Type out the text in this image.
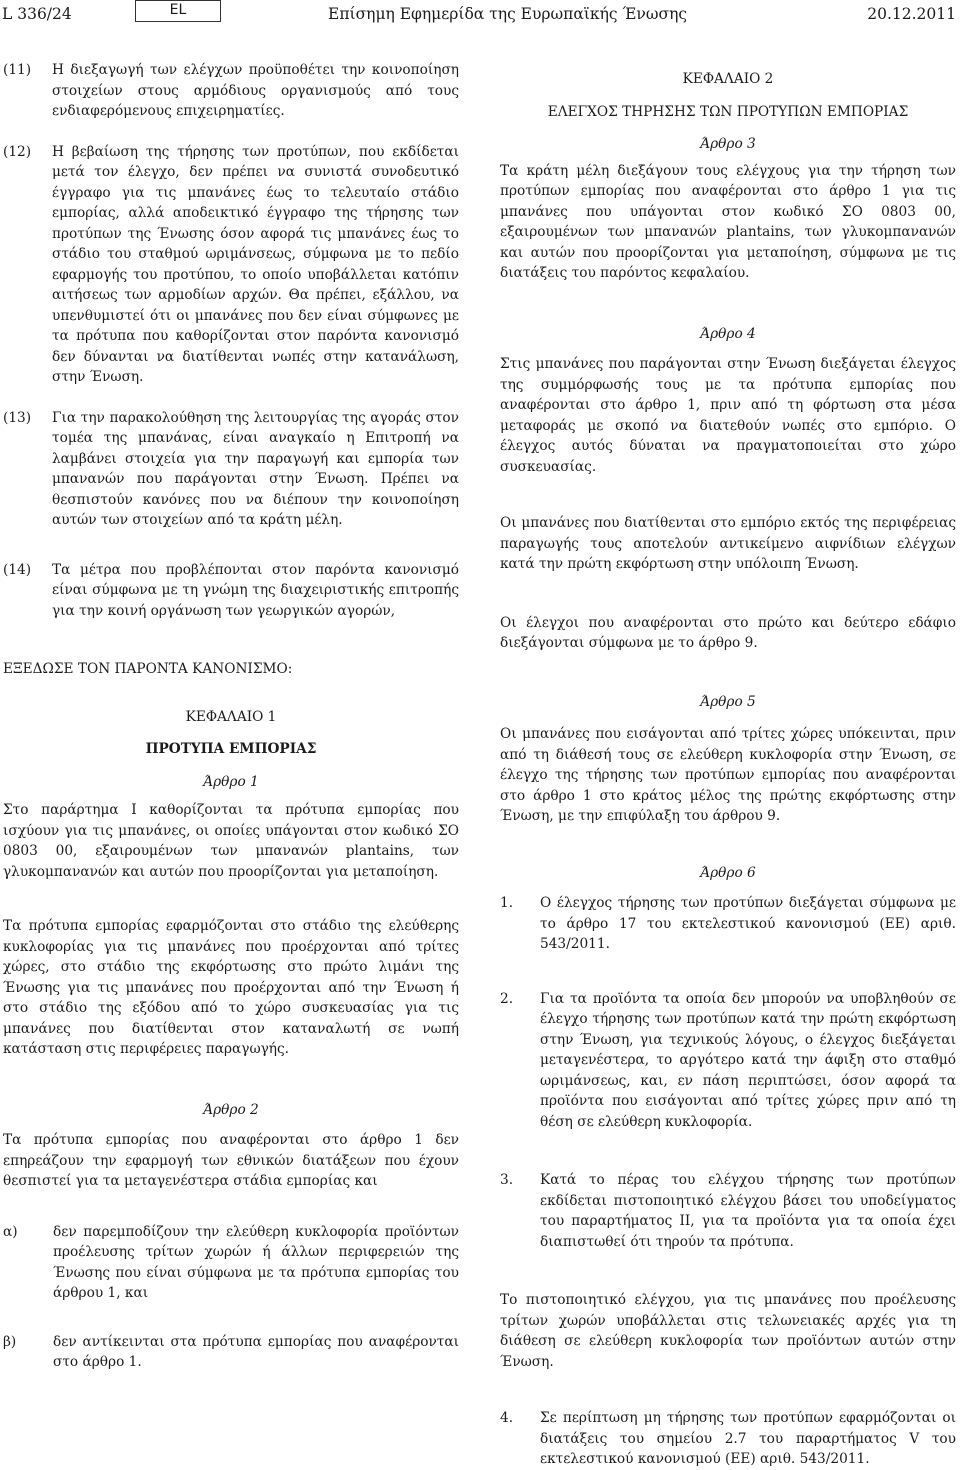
L 336/24	EL	Επίσημη Εφημερίδα της Ευρωπαϊκής Ένωσης	20.12.2011
(11) Η διεξαγωγή των ελέγχων προϋποθέτει την κοινοποίηση στοιχείων στους αρμόδιους οργανισμούς από τους ενδιαφερόμενους επιχειρηματίες.
(12) Η βεβαίωση της τήρησης των προτύπων, που εκδίδεται μετά τον έλεγχο, δεν πρέπει να συνιστά συνοδευτικό έγγραφο για τις μπανάνες έως το τελευταίο στάδιο εμπορίας, αλλά αποδεικτικό έγγραφο της τήρησης των προτύπων της Ένωσης όσον αφορά τις μπανάνες έως το στάδιο του σταθμού ωριμάνσεως, σύμφωνα με το πεδίο εφαρμογής του προτύπου, το οποίο υποβάλλεται κατόπιν αιτήσεως των αρμοδίων αρχών. Θα πρέπει, εξάλλου, να υπενθυμιστεί ότι οι μπανάνες που δεν είναι σύμφωνες με τα πρότυπα που καθορίζονται στον παρόντα κανονισμό δεν δύνανται να διατίθενται νωπές στην κατανάλωση, στην Ένωση.
(13) Για την παρακολούθηση της λειτουργίας της αγοράς στον τομέα της μπανάνας, είναι αναγκαίο η Επιτροπή να λαμβάνει στοιχεία για την παραγωγή και εμπορία των μπανανών που παράγονται στην Ένωση. Πρέπει να θεσπιστούν κανόνες που να διέπουν την κοινοποίηση αυτών των στοιχείων από τα κράτη μέλη.
(14) Τα μέτρα που προβλέπονται στον παρόντα κανονισμό είναι σύμφωνα με τη γνώμη της διαχειριστικής επιτροπής για την κοινή οργάνωση των γεωργικών αγορών,

ΕΞΕΔΩΣΕ ΤΟΝ ΠΑΡΟΝΤΑ ΚΑΝΟΝΙΣΜΟ:

ΚΕΦΑΛΑΙΟ 1

ΠΡΟΤΥΠΑ ΕΜΠΟΡΙΑΣ

Άρθρο 1

Στο παράρτημα I καθορίζονται τα πρότυπα εμπορίας που ισχύουν για τις μπανάνες, οι οποίες υπάγονται στον κωδικό ΣΟ 0803 00, εξαιρουμένων των μπανανών plantains, των γλυκομπανανών και αυτών που προορίζονται για μεταποίηση.

Τα πρότυπα εμπορίας εφαρμόζονται στο στάδιο της ελεύθερης κυκλοφορίας για τις μπανάνες που προέρχονται από τρίτες χώρες, στο στάδιο της εκφόρτωσης στο πρώτο λιμάνι της Ένωσης για τις μπανάνες που προέρχονται από την Ένωση ή στο στάδιο της εξόδου από το χώρο συσκευασίας για τις μπανάνες που διατίθενται στον καταναλωτή σε νωπή κατάσταση στις περιφέρειες παραγωγής.

Άρθρο 2

Τα πρότυπα εμπορίας που αναφέρονται στο άρθρο 1 δεν επηρεάζουν την εφαρμογή των εθνικών διατάξεων που έχουν θεσπιστεί για τα μεταγενέστερα στάδια εμπορίας και

α)	δεν παρεμποδίζουν την ελεύθερη κυκλοφορία προϊόντων προέλευσης τρίτων χωρών ή άλλων περιφερειών της Ένωσης που είναι σύμφωνα με τα πρότυπα εμπορίας του άρθρου 1, και
β)	δεν αντίκεινται στα πρότυπα εμπορίας που αναφέρονται στο άρθρο 1.

ΚΕΦΑΛΑΙΟ 2

ΕΛΕΓΧΟΣ ΤΗΡΗΣΗΣ ΤΩΝ ΠΡΟΤΥΠΩΝ ΕΜΠΟΡΙΑΣ

Άρθρο 3

Τα κράτη μέλη διεξάγουν τους ελέγχους για την τήρηση των προτύπων εμπορίας που αναφέρονται στο άρθρο 1 για τις μπανάνες που υπάγονται στον κωδικό ΣΟ 0803 00, εξαιρουμένων των μπανανών plantains, των γλυκομπανανών και αυτών που προορίζονται για μεταποίηση, σύμφωνα με τις διατάξεις του παρόντος κεφαλαίου.

Άρθρο 4

Στις μπανάνες που παράγονται στην Ένωση διεξάγεται έλεγχος της συμμόρφωσής τους με τα πρότυπα εμπορίας που αναφέρονται στο άρθρο 1, πριν από τη φόρτωση στα μέσα μεταφοράς με σκοπό να διατεθούν νωπές στο εμπόριο. Ο έλεγχος αυτός δύναται να πραγματοποιείται στο χώρο συσκευασίας.

Οι μπανάνες που διατίθενται στο εμπόριο εκτός της περιφέρειας παραγωγής τους αποτελούν αντικείμενο αιφνίδιων ελέγχων κατά την πρώτη εκφόρτωση στην υπόλοιπη Ένωση.

Οι έλεγχοι που αναφέρονται στο πρώτο και δεύτερο εδάφιο διεξάγονται σύμφωνα με το άρθρο 9.

Άρθρο 5

Οι μπανάνες που εισάγονται από τρίτες χώρες υπόκεινται, πριν από τη διάθεσή τους σε ελεύθερη κυκλοφορία στην Ένωση, σε έλεγχο της τήρησης των προτύπων εμπορίας που αναφέρονται στο άρθρο 1 στο κράτος μέλος της πρώτης εκφόρτωσης στην Ένωση, με την επιφύλαξη του άρθρου 9.

Άρθρο 6

1. Ο έλεγχος τήρησης των προτύπων διεξάγεται σύμφωνα με το άρθρο 17 του εκτελεστικού κανονισμού (ΕΕ) αριθ. 543/2011.
2. Για τα προϊόντα τα οποία δεν μπορούν να υποβληθούν σε έλεγχο τήρησης των προτύπων κατά την πρώτη εκφόρτωση στην Ένωση, για τεχνικούς λόγους, ο έλεγχος διεξάγεται μεταγενέστερα, το αργότερο κατά την άφιξη στο σταθμό ωριμάνσεως, και, εν πάση περιπτώσει, όσον αφορά τα προϊόντα που εισάγονται από τρίτες χώρες πριν από τη θέση σε ελεύθερη κυκλοφορία.
3. Κατά το πέρας του ελέγχου τήρησης των προτύπων εκδίδεται πιστοποιητικό ελέγχου βάσει του υποδείγματος του παραρτήματος II, για τα προϊόντα για τα οποία έχει διαπιστωθεί ότι τηρούν τα πρότυπα.

Το πιστοποιητικό ελέγχου, για τις μπανάνες που προέλευσης τρίτων χωρών υποβάλλεται στις τελωνειακές αρχές για τη διάθεση σε ελεύθερη κυκλοφορία των προϊόντων αυτών στην Ένωση.

4. Σε περίπτωση μη τήρησης των προτύπων εφαρμόζονται οι διατάξεις του σημείου 2.7 του παραρτήματος V του εκτελεστικού κανονισμού (ΕΕ) αριθ. 543/2011.
